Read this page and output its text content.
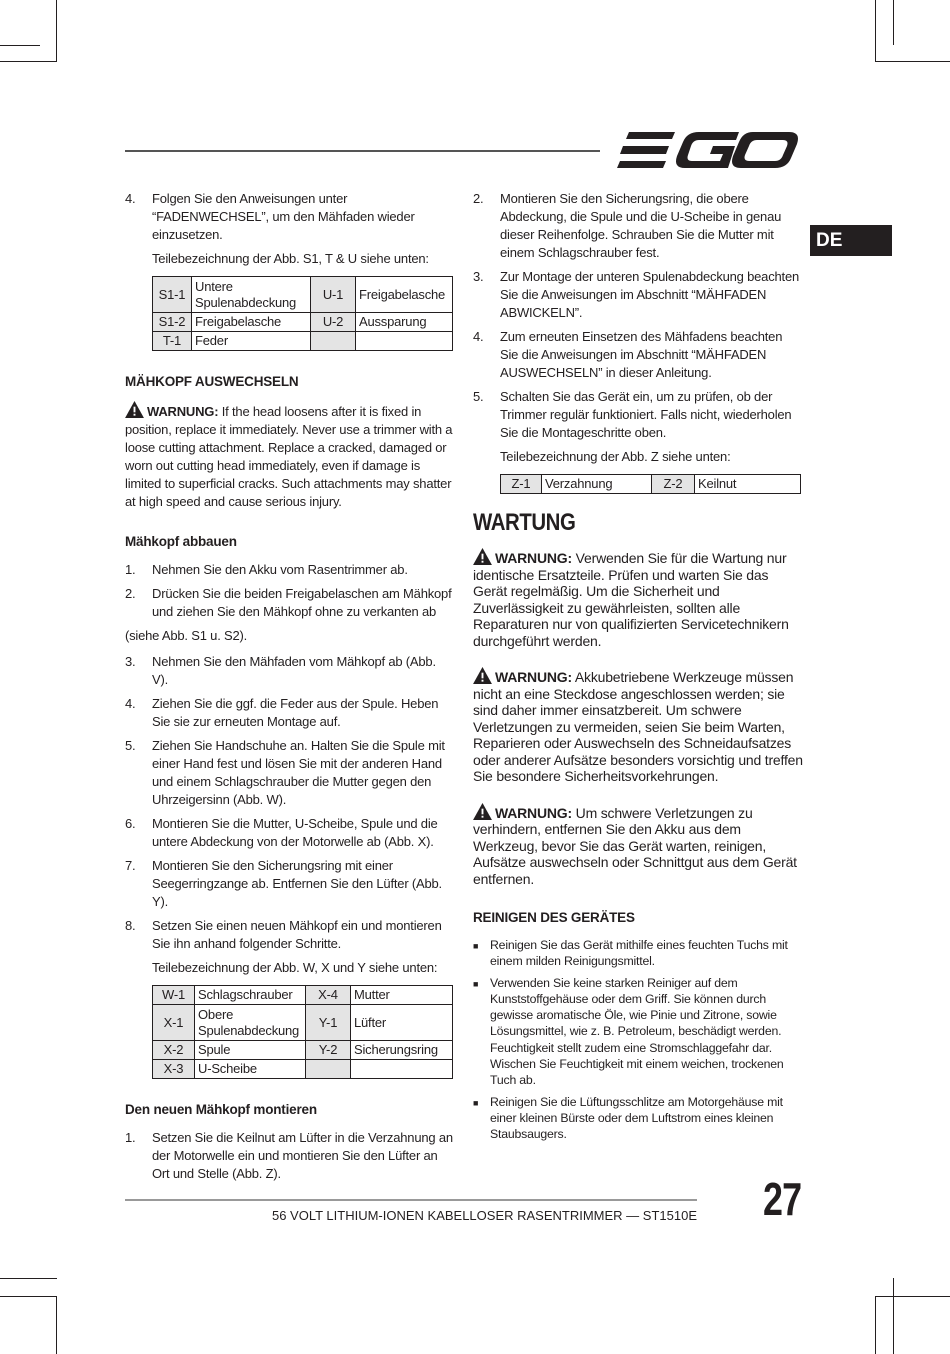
DE
4.	Folgen Sie den Anweisungen unter “FADENWECHSEL”, um den Mähfaden wieder einzusetzen.
Teilebezeichnung der Abb. S1, T & U siehe unten:
S1-1	Untere Spulenabdeckung	U-1	Freigabelasche
S1-2	Freigabelasche	U-2	Aussparung
T-1	Feder		
MÄHKOPF AUSWECHSELN
WARNUNG: If the head loosens after it is fixed in position, replace it immediately. Never use a trimmer with a loose cutting attachment. Replace a cracked, damaged or worn out cutting head immediately, even if damage is limited to superficial cracks. Such attachments may shatter at high speed and cause serious injury.
Mähkopf abbauen
1.	Nehmen Sie den Akku vom Rasentrimmer ab.
2.	Drücken Sie die beiden Freigabelaschen am Mähkopf und ziehen Sie den Mähkopf ohne zu verkanten ab
(siehe Abb. S1 u. S2).
3.	Nehmen Sie den Mähfaden vom Mähkopf ab (Abb. V).
4.	Ziehen Sie die ggf. die Feder aus der Spule. Heben Sie sie zur erneuten Montage auf.
5.	Ziehen Sie Handschuhe an. Halten Sie die Spule mit einer Hand fest und lösen Sie mit der anderen Hand und einem Schlagschrauber die Mutter gegen den Uhrzeigersinn (Abb. W).
6.	Montieren Sie die Mutter, U-Scheibe, Spule und die untere Abdeckung von der Motorwelle ab (Abb. X).
7.	Montieren Sie den Sicherungsring mit einer Seegerringzange ab. Entfernen Sie den Lüfter (Abb. Y).
8.	Setzen Sie einen neuen Mähkopf ein und montieren Sie ihn anhand folgender Schritte.
Teilebezeichnung der Abb. W, X und Y siehe unten:
W-1	Schlagschrauber	X-4	Mutter
X-1	Obere Spulenabdeckung	Y-1	Lüfter
X-2	Spule	Y-2	Sicherungsring
X-3	U-Scheibe		
Den neuen Mähkopf montieren
1.	Setzen Sie die Keilnut am Lüfter in die Verzahnung an der Motorwelle ein und montieren Sie den Lüfter an Ort und Stelle (Abb. Z).
2.	Montieren Sie den Sicherungsring, die obere Abdeckung, die Spule und die U-Scheibe in genau dieser Reihenfolge. Schrauben Sie die Mutter mit einem Schlagschrauber fest.
3.	Zur Montage der unteren Spulenabdeckung beachten Sie die Anweisungen im Abschnitt “MÄHFADEN ABWICKELN”.
4.	Zum erneuten Einsetzen des Mähfadens beachten Sie die Anweisungen im Abschnitt “MÄHFADEN AUSWECHSELN” in dieser Anleitung.
5.	Schalten Sie das Gerät ein, um zu prüfen, ob der Trimmer regulär funktioniert. Falls nicht, wiederholen Sie die Montageschritte oben.
Teilebezeichnung der Abb. Z siehe unten:
Z-1	Verzahnung	Z-2	Keilnut
WARTUNG
WARNUNG: Verwenden Sie für die Wartung nur identische Ersatzteile. Prüfen und warten Sie das Gerät regelmäßig. Um die Sicherheit und Zuverlässigkeit zu gewährleisten, sollten alle Reparaturen nur von qualifizierten Servicetechnikern durchgeführt werden.
WARNUNG: Akkubetriebene Werkzeuge müssen nicht an eine Steckdose angeschlossen werden; sie sind daher immer einsatzbereit. Um schwere Verletzungen zu vermeiden, seien Sie beim Warten, Reparieren oder Auswechseln des Schneidaufsatzes oder anderer Aufsätze besonders vorsichtig und treffen Sie besondere Sicherheitsvorkehrungen.
WARNUNG: Um schwere Verletzungen zu verhindern, entfernen Sie den Akku aus dem Werkzeug, bevor Sie das Gerät warten, reinigen, Aufsätze auswechseln oder Schnittgut aus dem Gerät entfernen.
REINIGEN DES GERÄTES
■ Reinigen Sie das Gerät mithilfe eines feuchten Tuchs mit einem milden Reinigungsmittel.
■ Verwenden Sie keine starken Reiniger auf dem Kunststoffgehäuse oder dem Griff. Sie können durch gewisse aromatische Öle, wie Pinie und Zitrone, sowie Lösungsmittel, wie z. B. Petroleum, beschädigt werden. Feuchtigkeit stellt zudem eine Stromschlaggefahr dar. Wischen Sie Feuchtigkeit mit einem weichen, trockenen Tuch ab.
■ Reinigen Sie die Lüftungsschlitze am Motorgehäuse mit einer kleinen Bürste oder dem Luftstrom eines kleinen Staubsaugers.
56 VOLT LITHIUM-IONEN KABELLOSER RASENTRIMMER — ST1510E 27
